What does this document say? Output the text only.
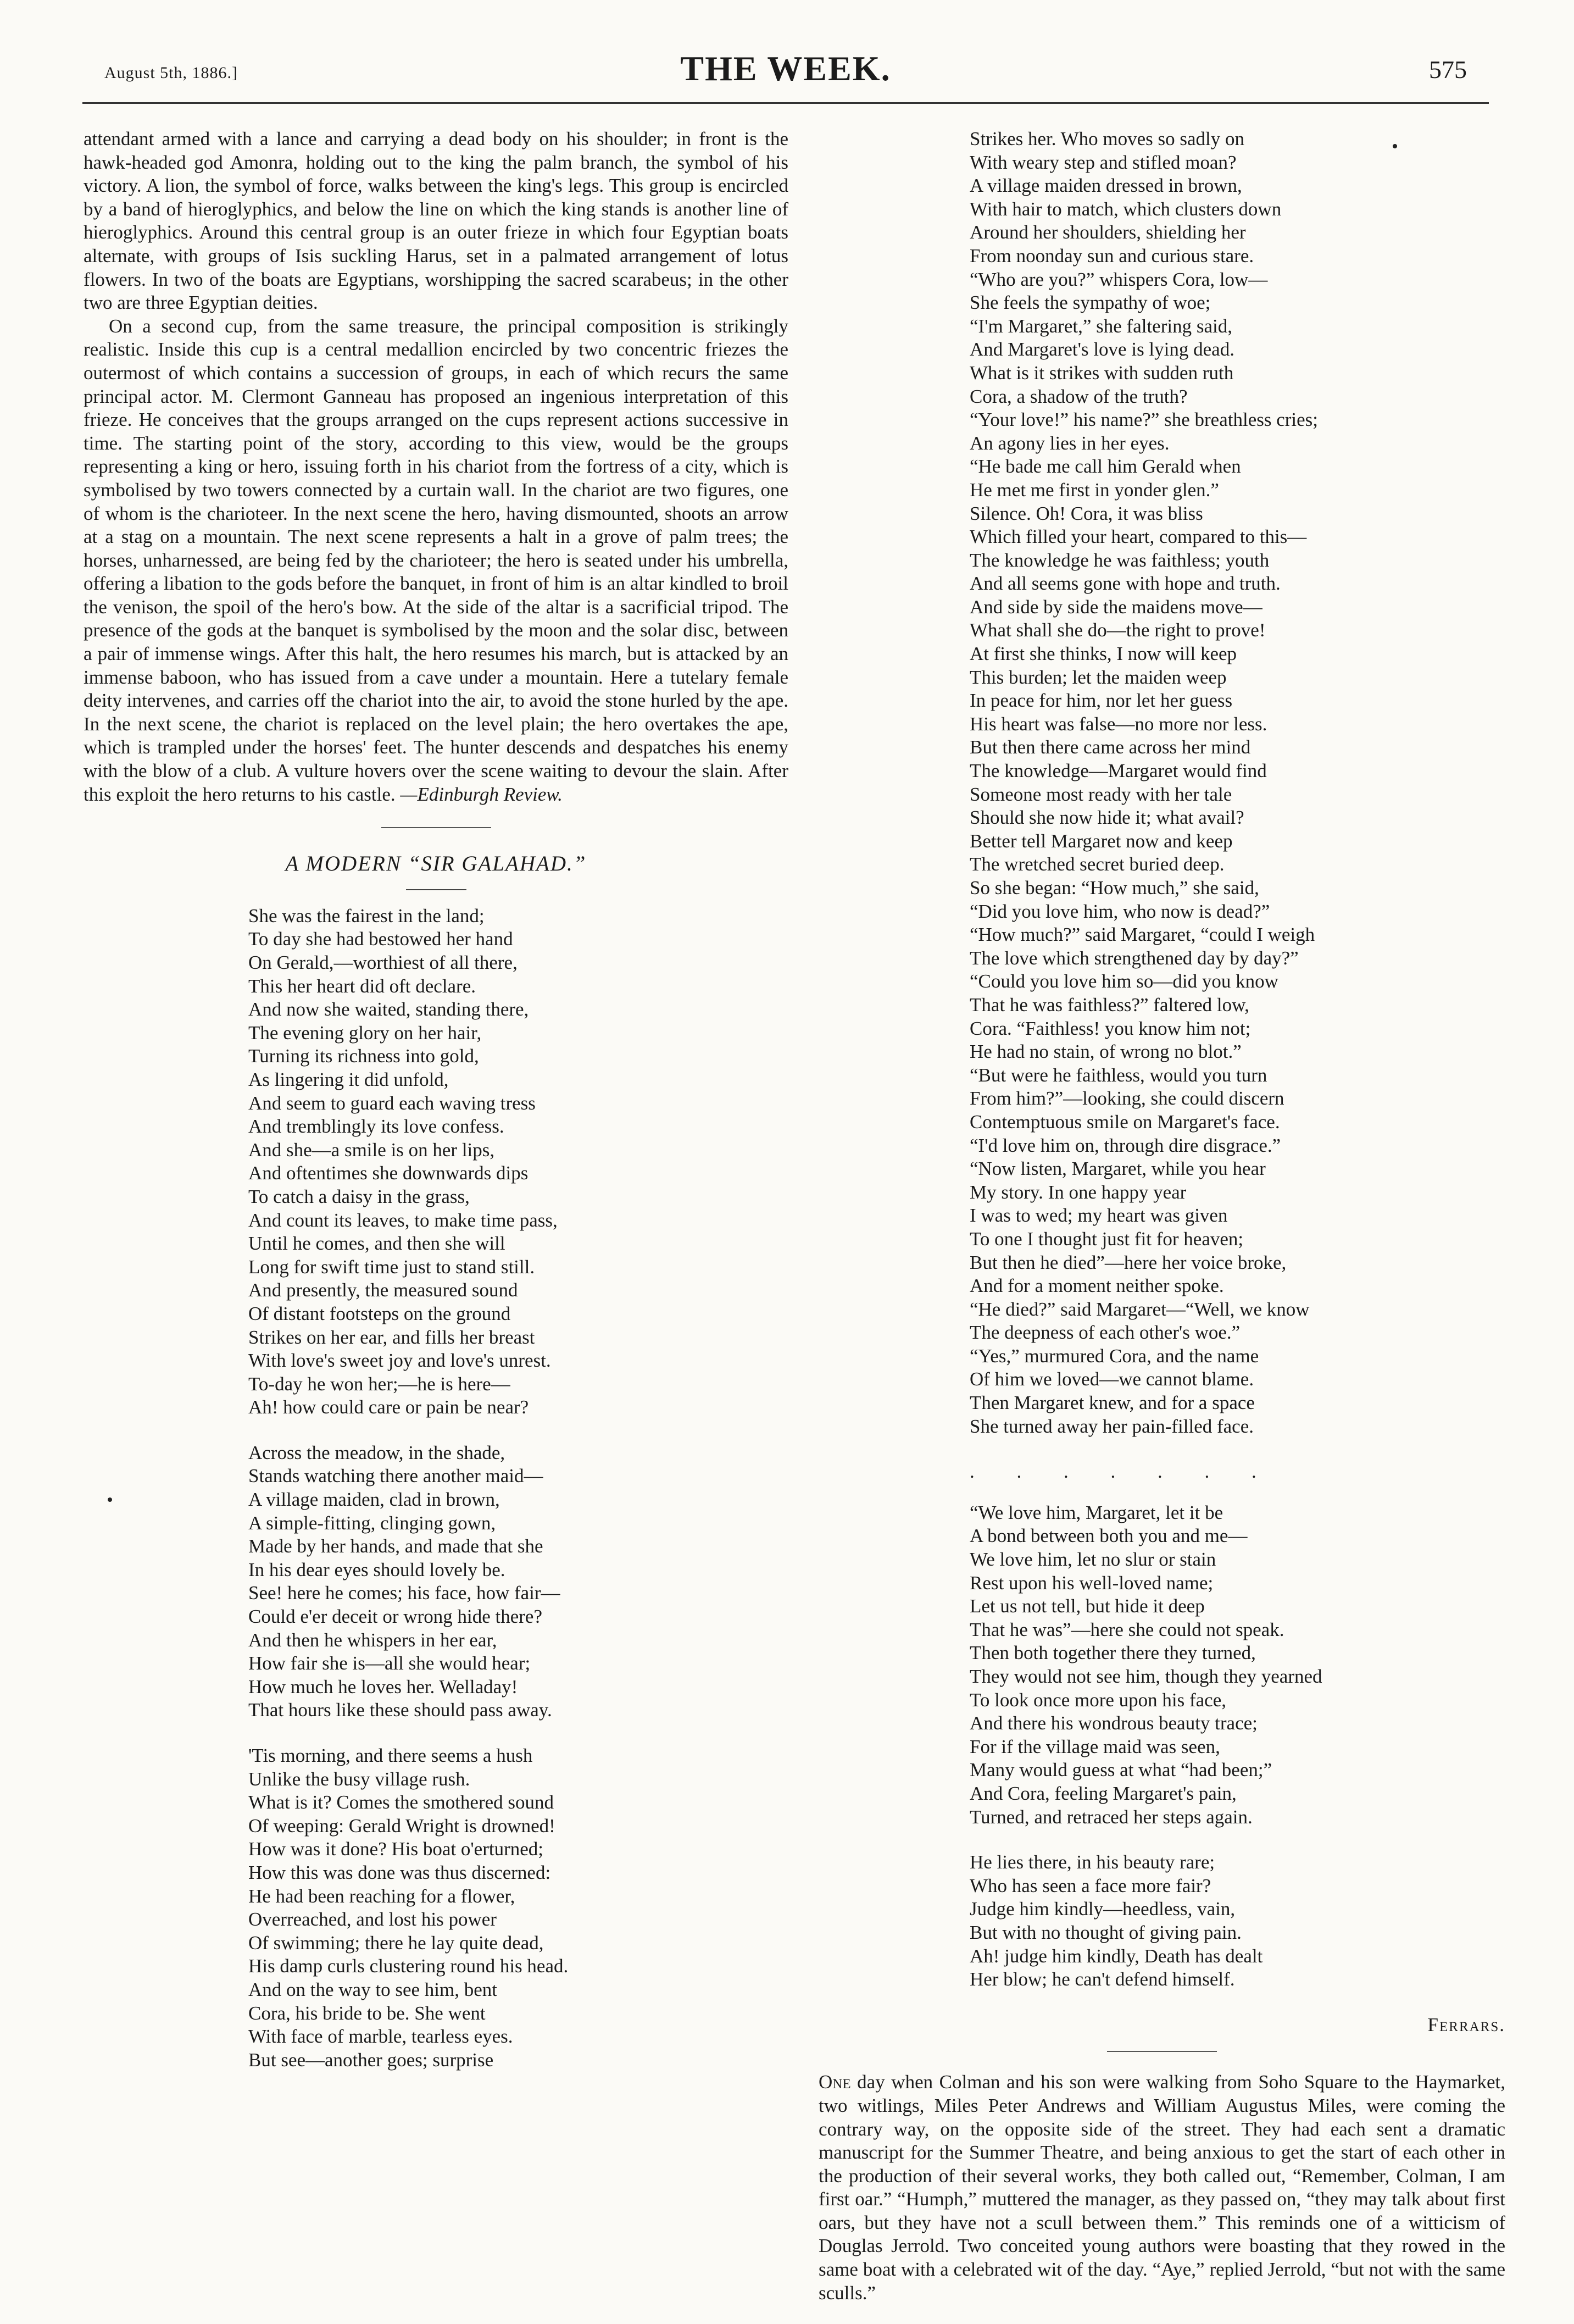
August 5th, 1886.]	THE WEEK.	575

attendant armed with a lance and carrying a dead body on his shoulder; in front is the hawk-headed god Amonra, holding out to the king the palm branch, the symbol of his victory. A lion, the symbol of force, walks between the king's legs. This group is encircled by a band of hieroglyphics, and below the line on which the king stands is another line of hieroglyphics. Around this central group is an outer frieze in which four Egyptian boats alternate, with groups of Isis suckling Harus, set in a palmated arrangement of lotus flowers. In two of the boats are Egyptians, worshipping the sacred scarabeus; in the other two are three Egyptian deities.

On a second cup, from the same treasure, the principal composition is strikingly realistic. Inside this cup is a central medallion encircled by two concentric friezes the outermost of which contains a succession of groups, in each of which recurs the same principal actor. M. Clermont Ganneau has proposed an ingenious interpretation of this frieze. He conceives that the groups arranged on the cups represent actions successive in time. The starting point of the story, according to this view, would be the groups representing a king or hero, issuing forth in his chariot from the fortress of a city, which is symbolised by two towers connected by a curtain wall. In the chariot are two figures, one of whom is the charioteer. In the next scene the hero, having dismounted, shoots an arrow at a stag on a mountain. The next scene represents a halt in a grove of palm trees; the horses, unharnessed, are being fed by the charioteer; the hero is seated under his umbrella, offering a libation to the gods before the banquet, in front of him is an altar kindled to broil the venison, the spoil of the hero's bow. At the side of the altar is a sacrificial tripod. The presence of the gods at the banquet is symbolised by the moon and the solar disc, between a pair of immense wings. After this halt, the hero resumes his march, but is attacked by an immense baboon, who has issued from a cave under a mountain. Here a tutelary female deity intervenes, and carries off the chariot into the air, to avoid the stone hurled by the ape. In the next scene, the chariot is replaced on the level plain; the hero overtakes the ape, which is trampled under the horses' feet. The hunter descends and despatches his enemy with the blow of a club. A vulture hovers over the scene waiting to devour the slain. After this exploit the hero returns to his castle. —Edinburgh Review.

A MODERN “SIR GALAHAD.”
She was the fairest in the land;
To day she had bestowed her hand
On Gerald,—worthiest of all there,
This her heart did oft declare.
And now she waited, standing there,
The evening glory on her hair,
Turning its richness into gold,
As lingering it did unfold,
And seem to guard each waving tress
And tremblingly its love confess.
And she—a smile is on her lips,
And oftentimes she downwards dips
To catch a daisy in the grass,
And count its leaves, to make time pass,
Until he comes, and then she will
Long for swift time just to stand still.
And presently, the measured sound
Of distant footsteps on the ground
Strikes on her ear, and fills her breast
With love's sweet joy and love's unrest.
To-day he won her;—he is here—
Ah! how could care or pain be near?
Across the meadow, in the shade,
Stands watching there another maid—
A village maiden, clad in brown,
A simple-fitting, clinging gown,
Made by her hands, and made that she
In his dear eyes should lovely be.
See! here he comes; his face, how fair—
Could e'er deceit or wrong hide there?
And then he whispers in her ear,
How fair she is—all she would hear;
How much he loves her. Welladay!
That hours like these should pass away.
'Tis morning, and there seems a hush
Unlike the busy village rush.
What is it? Comes the smothered sound
Of weeping: Gerald Wright is drowned!
How was it done? His boat o'erturned;
How this was done was thus discerned:
He had been reaching for a flower,
Overreached, and lost his power
Of swimming; there he lay quite dead,
His damp curls clustering round his head.
And on the way to see him, bent
Cora, his bride to be. She went
With face of marble, tearless eyes.
But see—another goes; surprise
Strikes her. Who moves so sadly on
With weary step and stifled moan?
A village maiden dressed in brown,
With hair to match, which clusters down
Around her shoulders, shielding her
From noonday sun and curious stare.
“Who are you?” whispers Cora, low—
She feels the sympathy of woe;
“I'm Margaret,” she faltering said,
And Margaret's love is lying dead.
What is it strikes with sudden ruth
Cora, a shadow of the truth?
“Your love!” his name?” she breathless cries;
An agony lies in her eyes.
“He bade me call him Gerald when
He met me first in yonder glen.”
Silence. Oh! Cora, it was bliss
Which filled your heart, compared to this—
The knowledge he was faithless; youth
And all seems gone with hope and truth.
And side by side the maidens move—
What shall she do—the right to prove!
At first she thinks, I now will keep
This burden; let the maiden weep
In peace for him, nor let her guess
His heart was false—no more nor less.
But then there came across her mind
The knowledge—Margaret would find
Someone most ready with her tale
Should she now hide it; what avail?
Better tell Margaret now and keep
The wretched secret buried deep.
So she began: “How much,” she said,
“Did you love him, who now is dead?”
“How much?” said Margaret, “could I weigh
The love which strengthened day by day?”
“Could you love him so—did you know
That he was faithless?” faltered low,
Cora. “Faithless! you know him not;
He had no stain, of wrong no blot.”
“But were he faithless, would you turn
From him?”—looking, she could discern
Contemptuous smile on Margaret's face.
“I'd love him on, through dire disgrace.”
“Now listen, Margaret, while you hear
My story. In one happy year
I was to wed; my heart was given
To one I thought just fit for heaven;
But then he died”—here her voice broke,
And for a moment neither spoke.
“He died?” said Margaret—“Well, we know
The deepness of each other's woe.”
“Yes,” murmured Cora, and the name
Of him we loved—we cannot blame.
Then Margaret knew, and for a space
She turned away her pain-filled face.
. . . . . . .
“We love him, Margaret, let it be
A bond between both you and me—
We love him, let no slur or stain
Rest upon his well-loved name;
Let us not tell, but hide it deep
That he was”—here she could not speak.
Then both together there they turned,
They would not see him, though they yearned
To look once more upon his face,
And there his wondrous beauty trace;
For if the village maid was seen,
Many would guess at what “had been;”
And Cora, feeling Margaret's pain,
Turned, and retraced her steps again.
He lies there, in his beauty rare;
Who has seen a face more fair?
Judge him kindly—heedless, vain,
But with no thought of giving pain.
Ah! judge him kindly, Death has dealt
Her blow; he can't defend himself.
Ferrars.

One day when Colman and his son were walking from Soho Square to the Haymarket, two witlings, Miles Peter Andrews and William Augustus Miles, were coming the contrary way, on the opposite side of the street. They had each sent a dramatic manuscript for the Summer Theatre, and being anxious to get the start of each other in the production of their several works, they both called out, “Remember, Colman, I am first oar.” “Humph,” muttered the manager, as they passed on, “they may talk about first oars, but they have not a scull between them.” This reminds one of a witticism of Douglas Jerrold. Two conceited young authors were boasting that they rowed in the same boat with a celebrated wit of the day. “Aye,” replied Jerrold, “but not with the same sculls.”
